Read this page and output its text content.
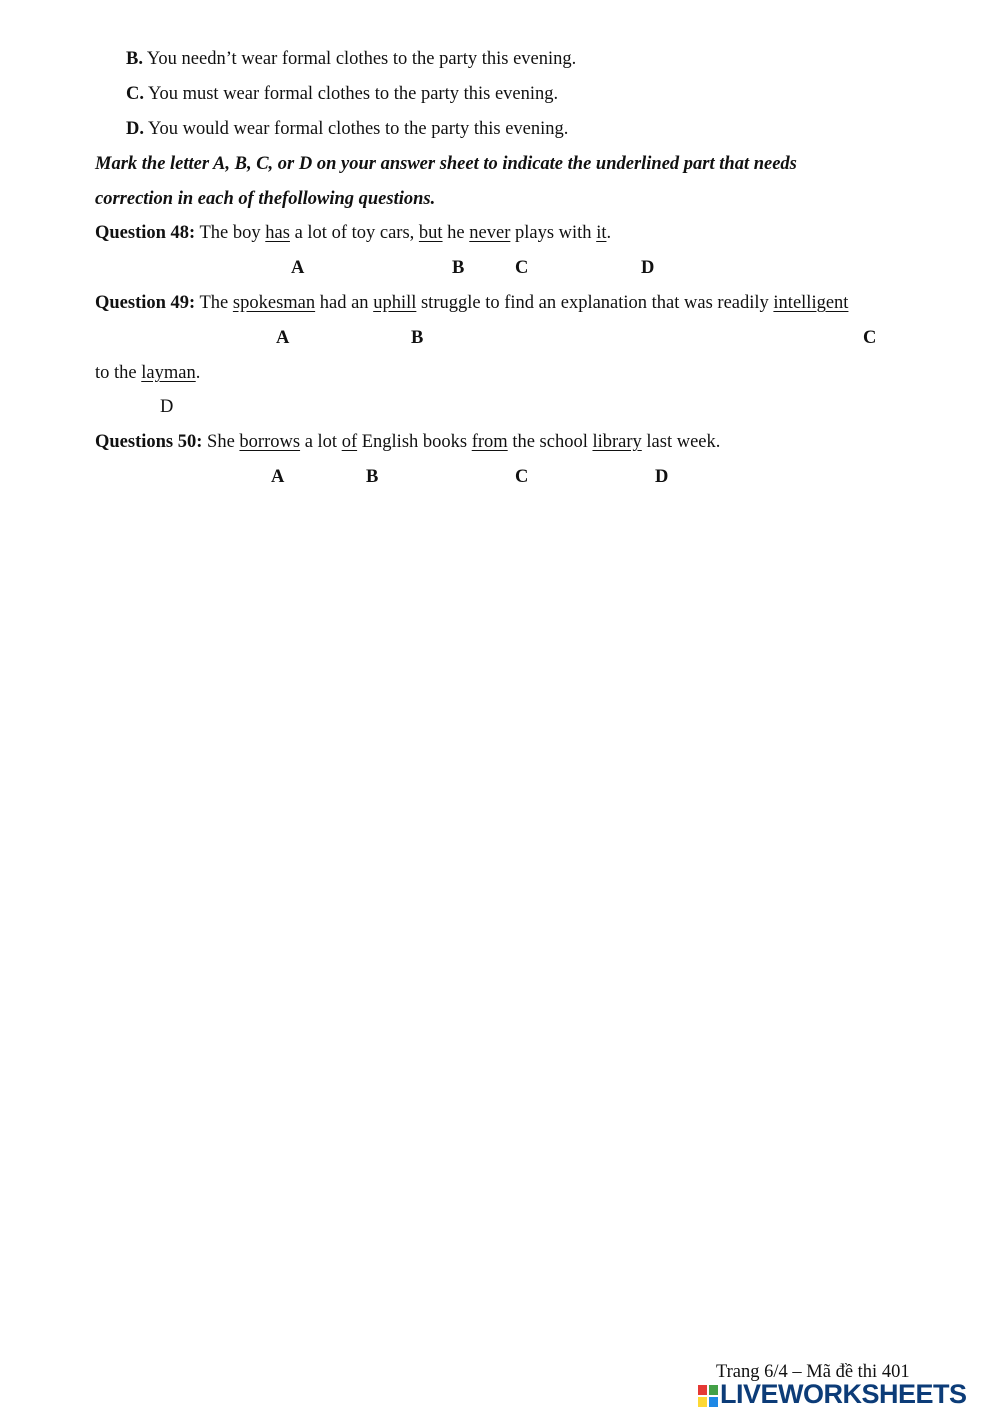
B. You needn’t wear formal clothes to the party this evening.
C. You must wear formal clothes to the party this evening.
D. You would wear formal clothes to the party this evening.
Mark the letter A, B, C, or D on your answer sheet to indicate the underlined part that needs
correction in each of thefollowing questions.
Question 48: The boy has a lot of toy cars, but he never plays with it.
A	B	C	D
Question 49: The spokesman had an uphill struggle to find an explanation that was readily intelligent
A	B	C
to the layman.
D
Questions 50: She borrows a lot of English books from the school library last week.
A	B	C	D
Trang 6/4 – Mã đề thi 401
LIVEWORKSHEETS
